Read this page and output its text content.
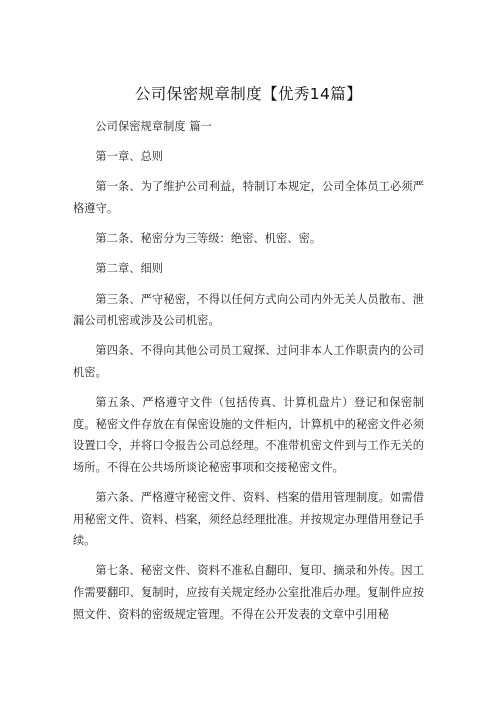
公司保密规章制度【优秀14篇】

公司保密规章制度 篇一

第一章、总则

第一条、为了维护公司利益，特制订本规定，公司全体员工必须严格遵守。

第二条、秘密分为三等级：绝密、机密、密。

第二章、细则

第三条、严守秘密，不得以任何方式向公司内外无关人员散布、泄漏公司机密或涉及公司机密。

第四条、不得向其他公司员工窥探、过问非本人工作职责内的公司机密。

第五条、严格遵守文件（包括传真、计算机盘片）登记和保密制度。秘密文件存放在有保密设施的文件柜内，计算机中的秘密文件必须设置口令，并将口令报告公司总经理。不准带机密文件到与工作无关的场所。不得在公共场所谈论秘密事项和交接秘密文件。

第六条、严格遵守秘密文件、资料、档案的借用管理制度。如需借用秘密文件、资料、档案，须经总经理批准。并按规定办理借用登记手续。

第七条、秘密文件、资料不准私自翻印、复印、摘录和外传。因工作需要翻印、复制时，应按有关规定经办公室批准后办理。复制件应按照文件、资料的密级规定管理。不得在公开发表的文章中引用秘
